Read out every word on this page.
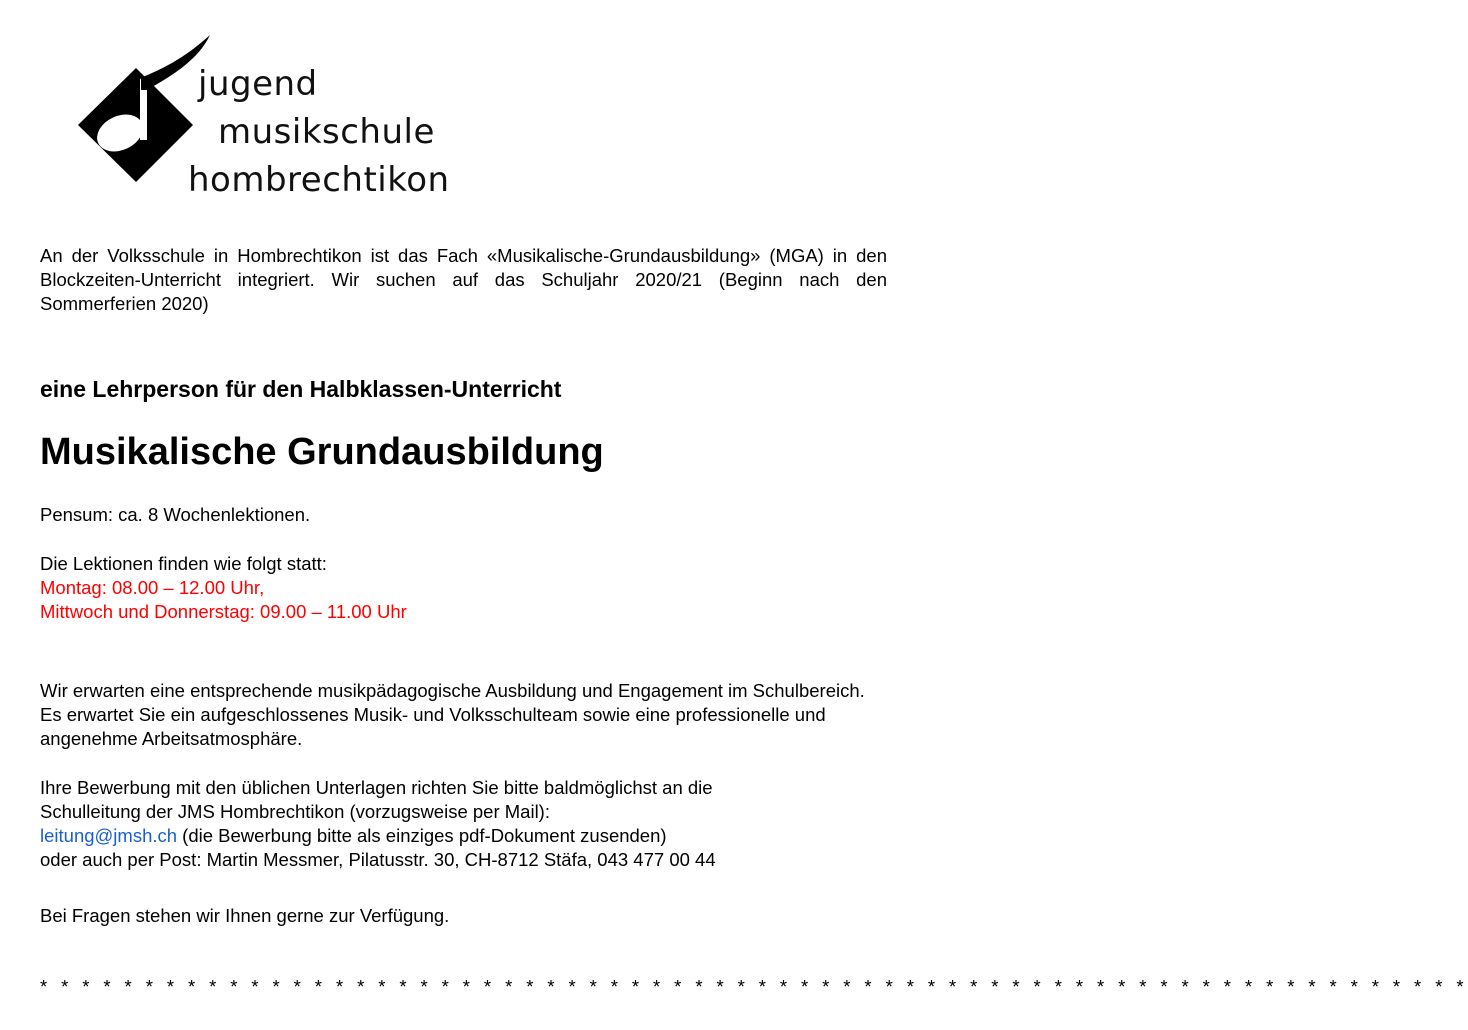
jugend
musikschule
hombrechtikon

An der Volksschule in Hombrechtikon ist das Fach «Musikalische-Grundausbildung» (MGA) in den Blockzeiten-Unterricht integriert. Wir suchen auf das Schuljahr 2020/21 (Beginn nach den Sommerferien 2020)

eine Lehrperson für den Halbklassen-Unterricht
Musikalische Grundausbildung

Pensum: ca. 8 Wochenlektionen.

Die Lektionen finden wie folgt statt:
Montag: 08.00 – 12.00 Uhr,
Mittwoch und Donnerstag: 09.00 – 11.00 Uhr

Wir erwarten eine entsprechende musikpädagogische Ausbildung und Engagement im Schulbereich. Es erwartet Sie ein aufgeschlossenes Musik- und Volksschulteam sowie eine professionelle und angenehme Arbeitsatmosphäre.

Ihre Bewerbung mit den üblichen Unterlagen richten Sie bitte baldmöglichst an die
Schulleitung der JMS Hombrechtikon (vorzugsweise per Mail):
leitung@jmsh.ch (die Bewerbung bitte als einziges pdf-Dokument zusenden)
oder auch per Post: Martin Messmer, Pilatusstr. 30, CH-8712 Stäfa, 043 477 00 44

Bei Fragen stehen wir Ihnen gerne zur Verfügung.

* * * * * * * * * * * * * * * * * * * * * * * * * * * * * * * * * * * * * * * * * * * * * * * * * * * * * * * * * * * * * * * * * * * *
